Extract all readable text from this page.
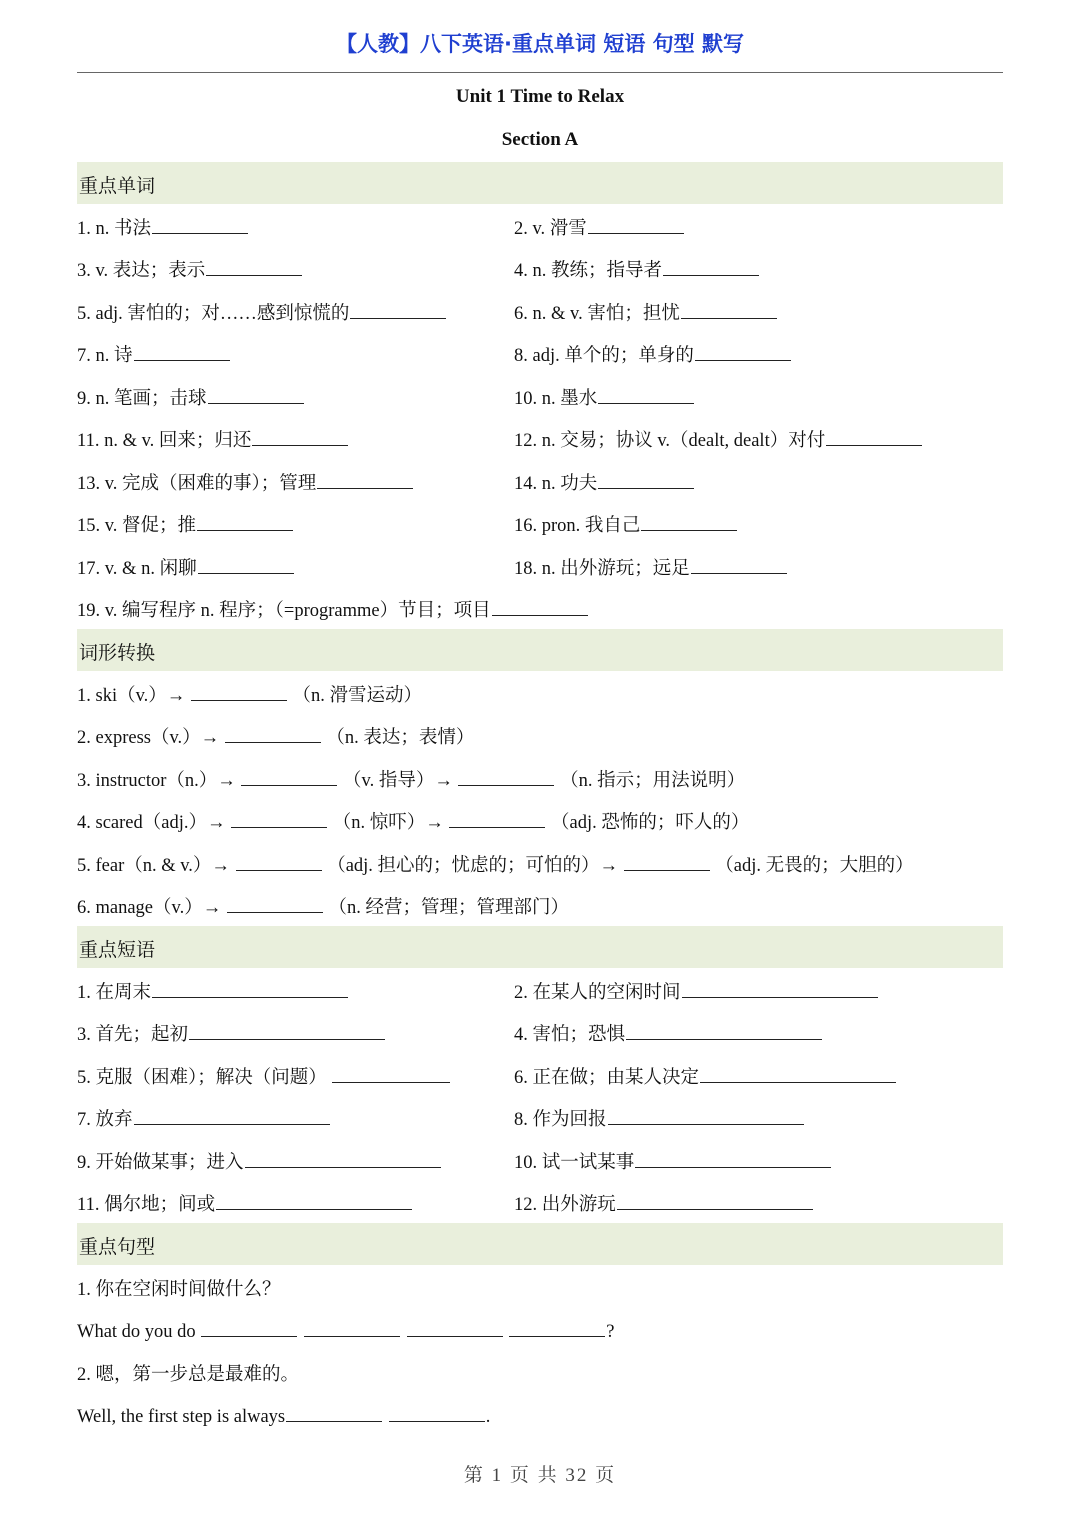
【人教】八下英语·重点单词 短语 句型 默写
Unit 1 Time to Relax
Section A
重点单词
1. n. 书法	2. v. 滑雪
3. v. 表达；表示	4. n. 教练；指导者
5. adj. 害怕的；对……感到惊慌的	6. n. & v. 害怕；担忧
7. n. 诗	8. adj. 单个的；单身的
9. n. 笔画；击球	10. n. 墨水
11. n. & v. 回来；归还	12. n. 交易；协议 v.（dealt, dealt）对付
13. v. 完成（困难的事）；管理	14. n. 功夫
15. v. 督促；推	16. pron. 我自己
17. v. & n. 闲聊	18. n. 出外游玩；远足
19. v. 编写程序 n. 程序；（=programme）节目；项目
词形转换
1. ski（v.）→	（n. 滑雪运动）
2. express（v.）→	（n. 表达；表情）
3. instructor（n.）→	（v. 指导）→	（n. 指示；用法说明）
4. scared（adj.）→	（n. 惊吓）→	（adj. 恐怖的；吓人的）
5. fear（n. & v.）→	（adj. 担心的；忧虑的；可怕的）→	（adj. 无畏的；大胆的）
6. manage（v.）→	（n. 经营；管理；管理部门）
重点短语
1. 在周末	2. 在某人的空闲时间
3. 首先；起初	4. 害怕；恐惧
5. 克服（困难）；解决（问题）	6. 正在做；由某人决定
7. 放弃	8. 作为回报
9. 开始做某事；进入	10. 试一试某事
11. 偶尔地；间或	12. 出外游玩
重点句型
1. 你在空闲时间做什么？
What do you do	?
2. 嗯，第一步总是最难的。
Well, the first step is always	.
第 1 页 共 32 页
